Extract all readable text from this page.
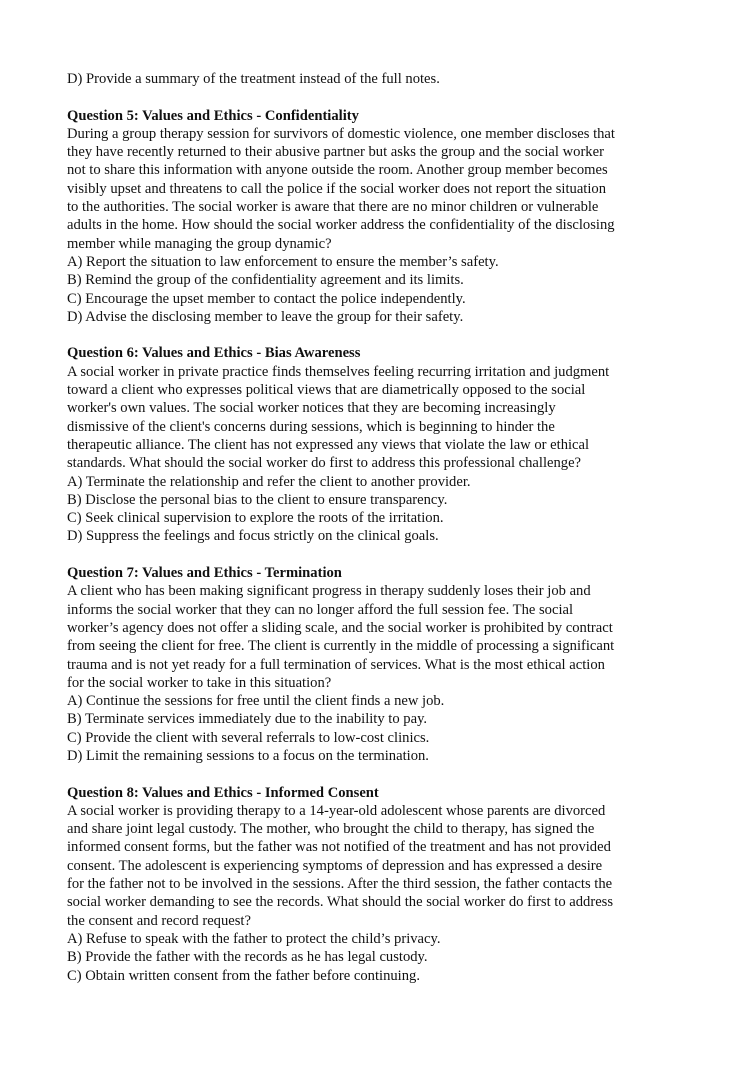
D) Provide a summary of the treatment instead of the full notes.
Question 5: Values and Ethics - Confidentiality
During a group therapy session for survivors of domestic violence, one member discloses that
they have recently returned to their abusive partner but asks the group and the social worker
not to share this information with anyone outside the room. Another group member becomes
visibly upset and threatens to call the police if the social worker does not report the situation
to the authorities. The social worker is aware that there are no minor children or vulnerable
adults in the home. How should the social worker address the confidentiality of the disclosing
member while managing the group dynamic?
A) Report the situation to law enforcement to ensure the member’s safety.
B) Remind the group of the confidentiality agreement and its limits.
C) Encourage the upset member to contact the police independently.
D) Advise the disclosing member to leave the group for their safety.
Question 6: Values and Ethics - Bias Awareness
A social worker in private practice finds themselves feeling recurring irritation and judgment
toward a client who expresses political views that are diametrically opposed to the social
worker's own values. The social worker notices that they are becoming increasingly
dismissive of the client's concerns during sessions, which is beginning to hinder the
therapeutic alliance. The client has not expressed any views that violate the law or ethical
standards. What should the social worker do first to address this professional challenge?
A) Terminate the relationship and refer the client to another provider.
B) Disclose the personal bias to the client to ensure transparency.
C) Seek clinical supervision to explore the roots of the irritation.
D) Suppress the feelings and focus strictly on the clinical goals.
Question 7: Values and Ethics - Termination
A client who has been making significant progress in therapy suddenly loses their job and
informs the social worker that they can no longer afford the full session fee. The social
worker’s agency does not offer a sliding scale, and the social worker is prohibited by contract
from seeing the client for free. The client is currently in the middle of processing a significant
trauma and is not yet ready for a full termination of services. What is the most ethical action
for the social worker to take in this situation?
A) Continue the sessions for free until the client finds a new job.
B) Terminate services immediately due to the inability to pay.
C) Provide the client with several referrals to low-cost clinics.
D) Limit the remaining sessions to a focus on the termination.
Question 8: Values and Ethics - Informed Consent
A social worker is providing therapy to a 14-year-old adolescent whose parents are divorced
and share joint legal custody. The mother, who brought the child to therapy, has signed the
informed consent forms, but the father was not notified of the treatment and has not provided
consent. The adolescent is experiencing symptoms of depression and has expressed a desire
for the father not to be involved in the sessions. After the third session, the father contacts the
social worker demanding to see the records. What should the social worker do first to address
the consent and record request?
A) Refuse to speak with the father to protect the child’s privacy.
B) Provide the father with the records as he has legal custody.
C) Obtain written consent from the father before continuing.
